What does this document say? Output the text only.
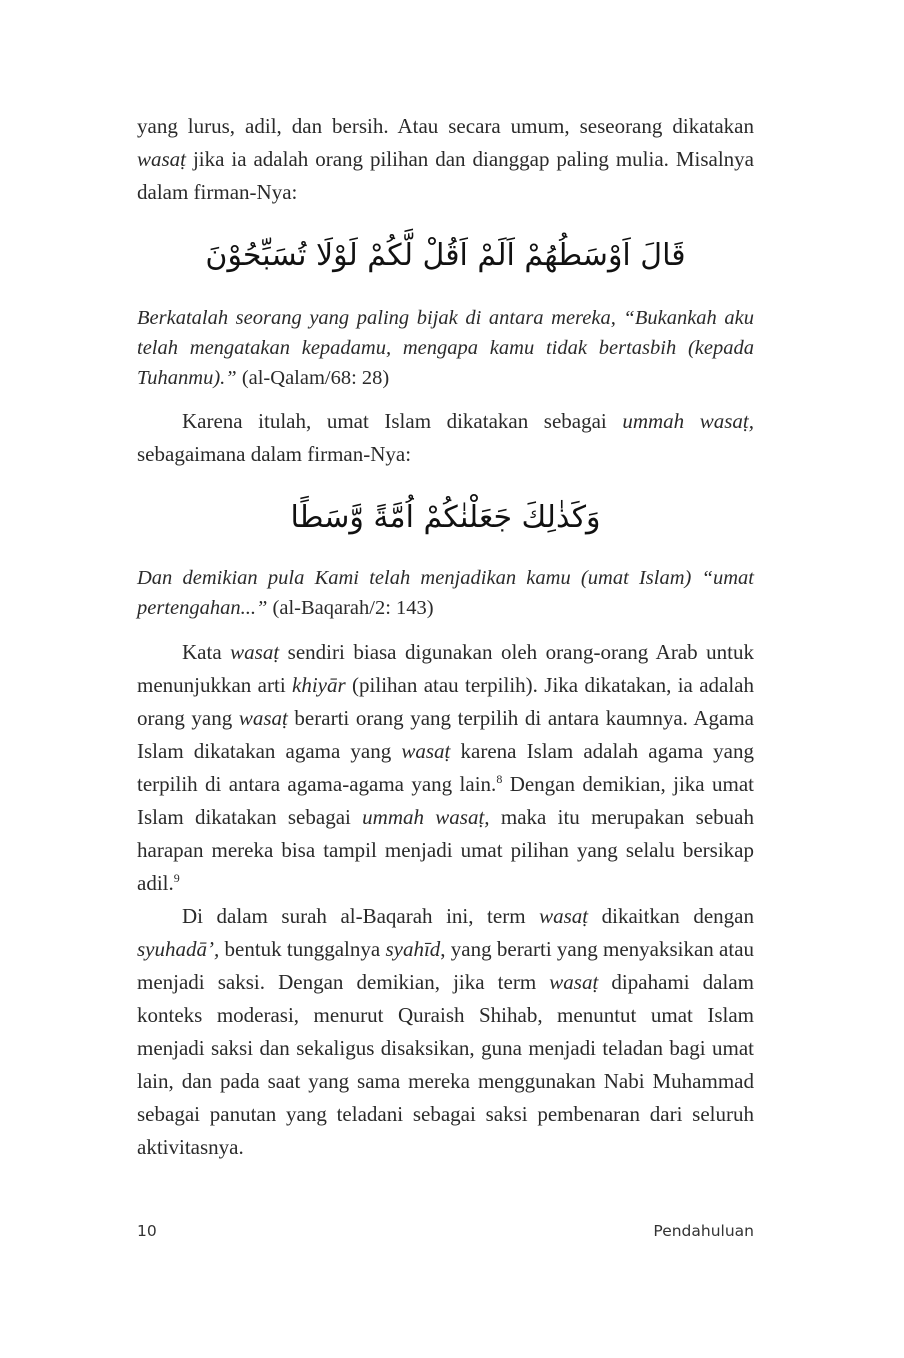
yang lurus, adil, dan bersih. Atau secara umum, seseorang dikatakan wasaṭ jika ia adalah orang pilihan dan dianggap paling mulia. Misalnya dalam firman-Nya:

قَالَ اَوْسَطُهُمْ اَلَمْ اَقُلْ لَّكُمْ لَوْلَا تُسَبِّحُوْنَ

Berkatalah seorang yang paling bijak di antara mereka, “Bukankah aku telah mengatakan kepadamu, mengapa kamu tidak bertasbih (kepada Tuhanmu).” (al-Qalam/68: 28)

Karena itulah, umat Islam dikatakan sebagai ummah wasaṭ, sebagaimana dalam firman-Nya:

وَكَذٰلِكَ جَعَلْنٰكُمْ اُمَّةً وَّسَطًا

Dan demikian pula Kami telah menjadikan kamu (umat Islam) “umat pertengahan...” (al-Baqarah/2: 143)

Kata wasaṭ sendiri biasa digunakan oleh orang-orang Arab untuk menunjukkan arti khiyār (pilihan atau terpilih). Jika dikatakan, ia adalah orang yang wasaṭ berarti orang yang terpilih di antara kaumnya. Agama Islam dikatakan agama yang wasaṭ karena Islam adalah agama yang terpilih di antara agama-agama yang lain.$^8$ Dengan demikian, jika umat Islam dikatakan sebagai ummah wasaṭ, maka itu merupakan sebuah harapan mereka bisa tampil menjadi umat pilihan yang selalu bersikap adil.$^9$

Di dalam surah al-Baqarah ini, term wasaṭ dikaitkan dengan syuhadā’, bentuk tunggalnya syahīd, yang berarti yang menyaksikan atau menjadi saksi. Dengan demikian, jika term wasaṭ dipahami dalam konteks moderasi, menurut Quraish Shihab, menuntut umat Islam menjadi saksi dan sekaligus disaksikan, guna menjadi teladan bagi umat lain, dan pada saat yang sama mereka menggunakan Nabi Muhammad sebagai panutan yang teladani sebagai saksi pembenaran dari seluruh aktivitasnya.

10	Pendahuluan
